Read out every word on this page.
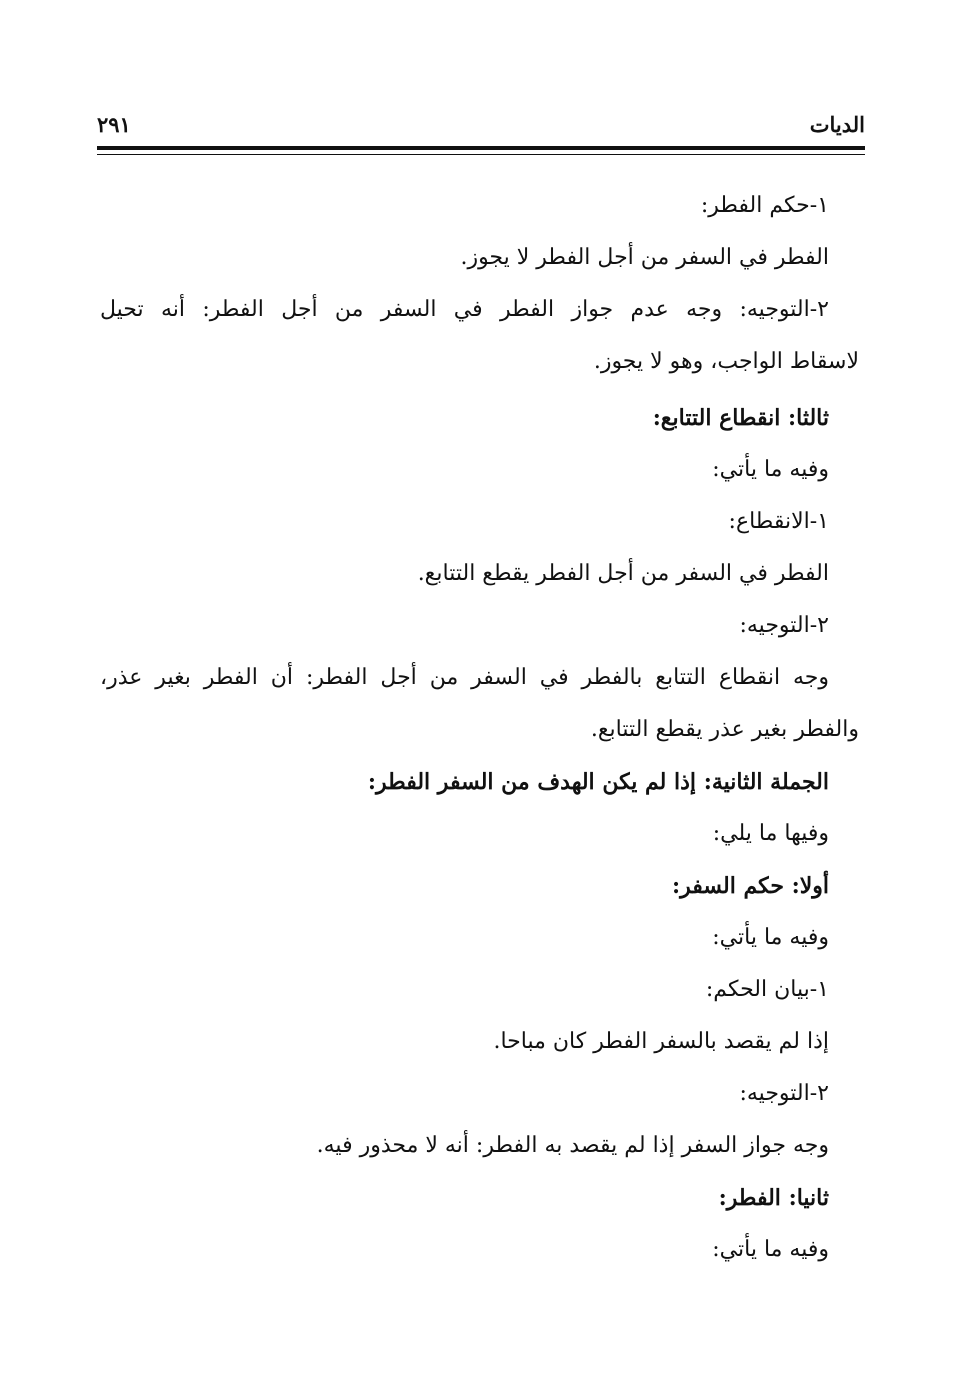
الديات
٢٩١
١-حكم الفطر:
الفطر في السفر من أجل الفطر لا يجوز.
٢-التوجيه: وجه عدم جواز الفطر في السفر من أجل الفطر: أنه تحيل
لاسقاط الواجب، وهو لا يجوز.
ثالثا: انقطاع التتابع:
وفيه ما يأتي:
١-الانقطاع:
الفطر في السفر من أجل الفطر يقطع التتابع.
٢-التوجيه:
وجه انقطاع التتابع بالفطر في السفر من أجل الفطر: أن الفطر بغير عذر،
والفطر بغير عذر يقطع التتابع.
الجملة الثانية: إذا لم يكن الهدف من السفر الفطر:
وفيها ما يلي:
أولا: حكم السفر:
وفيه ما يأتي:
١-بيان الحكم:
إذا لم يقصد بالسفر الفطر كان مباحا.
٢-التوجيه:
وجه جواز السفر إذا لم يقصد به الفطر: أنه لا محذور فيه.
ثانيا: الفطر:
وفيه ما يأتي:
